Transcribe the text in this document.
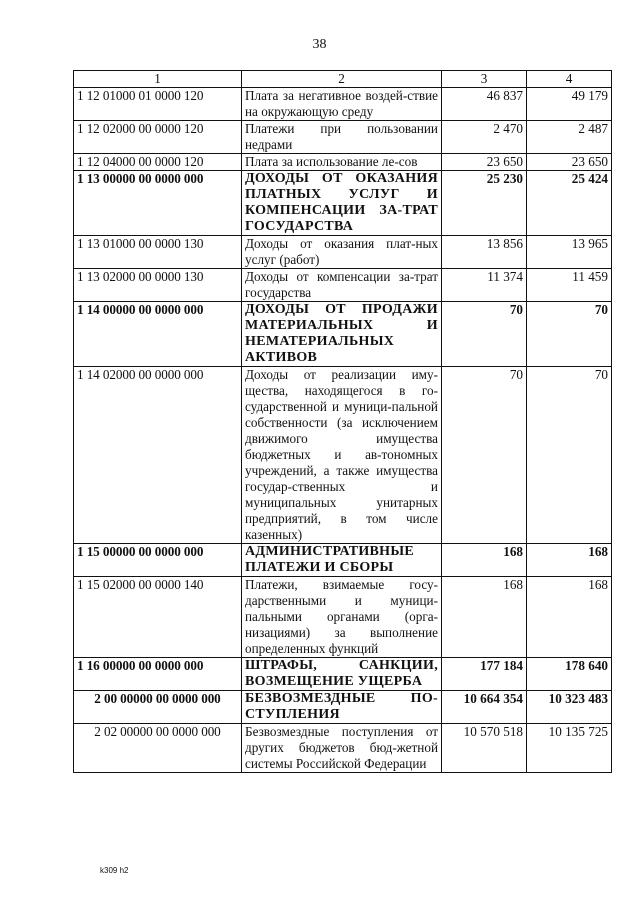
38
1	2	3	4
1 12 01000 01 0000 120	Плата за негативное воздей-ствие на окружающую среду	46 837	49 179
1 12 02000 00 0000 120	Платежи при пользовании недрами	2 470	2 487
1 12 04000 00 0000 120	Плата за использование ле-сов	23 650	23 650
1 13 00000 00 0000 000	ДОХОДЫ ОТ ОКАЗАНИЯ ПЛАТНЫХ УСЛУГ И КОМПЕНСАЦИИ ЗА-ТРАТ ГОСУДАРСТВА	25 230	25 424
1 13 01000 00 0000 130	Доходы от оказания плат-ных услуг (работ)	13 856	13 965
1 13 02000 00 0000 130	Доходы от компенсации за-трат государства	11 374	11 459
1 14 00000 00 0000 000	ДОХОДЫ ОТ ПРОДАЖИ МАТЕРИАЛЬНЫХ И НЕМАТЕРИАЛЬНЫХ АКТИВОВ	70	70
1 14 02000 00 0000 000	Доходы от реализации иму-щества, находящегося в го-сударственной и муници-пальной собственности (за исключением движимого имущества бюджетных и ав-тономных учреждений, а также имущества государ-ственных и муниципальных унитарных предприятий, в том числе казенных)	70	70
1 15 00000 00 0000 000	АДМИНИСТРАТИВНЫЕ ПЛАТЕЖИ И СБОРЫ	168	168
1 15 02000 00 0000 140	Платежи, взимаемые госу-дарственными и муници-пальными органами (орга-низациями) за выполнение определенных функций	168	168
1 16 00000 00 0000 000	ШТРАФЫ, САНКЦИИ, ВОЗМЕЩЕНИЕ УЩЕРБА	177 184	178 640
2 00 00000 00 0000 000	БЕЗВОЗМЕЗДНЫЕ ПО-СТУПЛЕНИЯ	10 664 354	10 323 483
2 02 00000 00 0000 000	Безвозмездные поступления от других бюджетов бюд-жетной системы Российской Федерации	10 570 518	10 135 725
k309 h2
